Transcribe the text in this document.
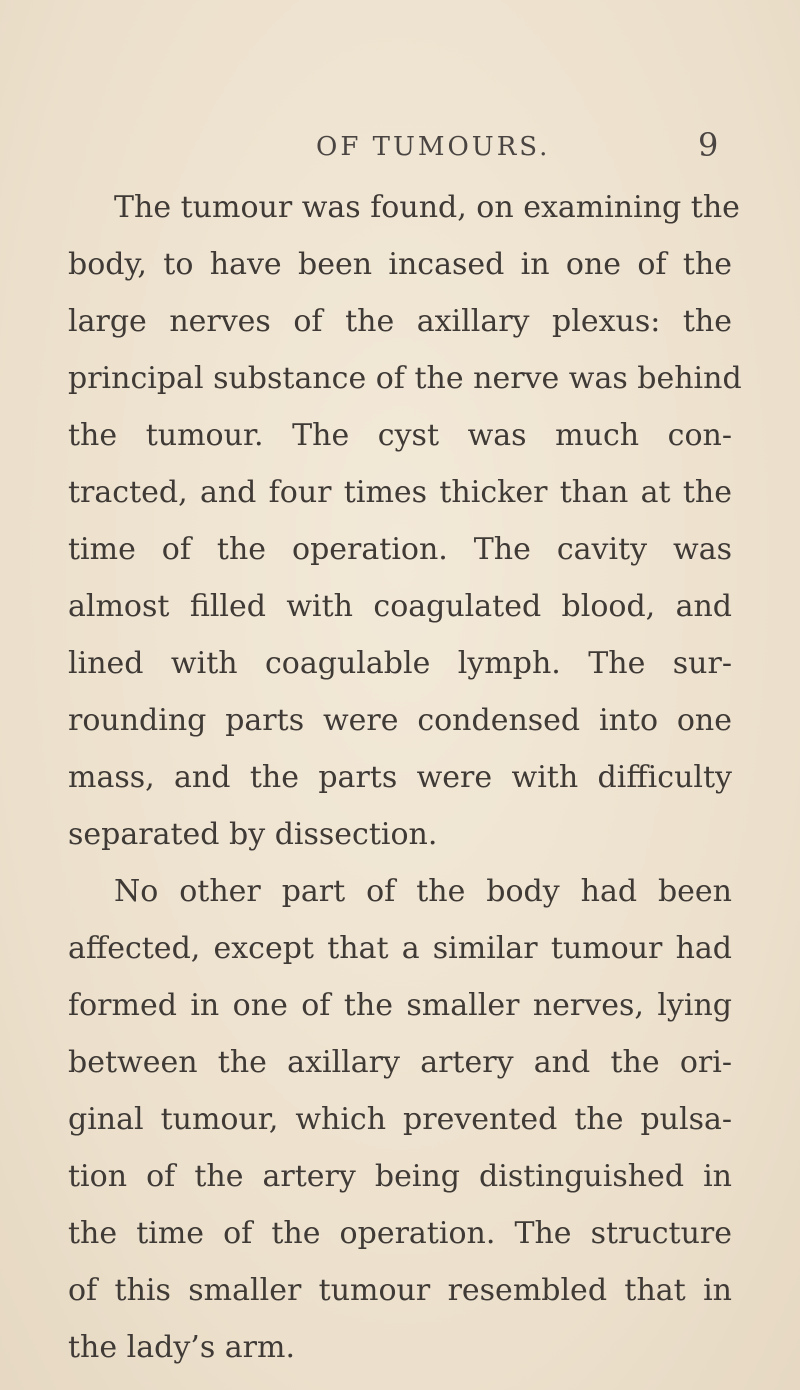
OF TUMOURS.	9
The tumour was found, on examining the
body, to have been incased in one of the
large nerves of the axillary plexus: the
principal substance of the nerve was behind
the tumour. The cyst was much con-
tracted, and four times thicker than at the
time of the operation. The cavity was
almost filled with coagulated blood, and
lined with coagulable lymph. The sur-
rounding parts were condensed into one
mass, and the parts were with difficulty
separated by dissection.
No other part of the body had been
affected, except that a similar tumour had
formed in one of the smaller nerves, lying
between the axillary artery and the ori-
ginal tumour, which prevented the pulsa-
tion of the artery being distinguished in
the time of the operation. The structure
of this smaller tumour resembled that in
the lady’s arm.
